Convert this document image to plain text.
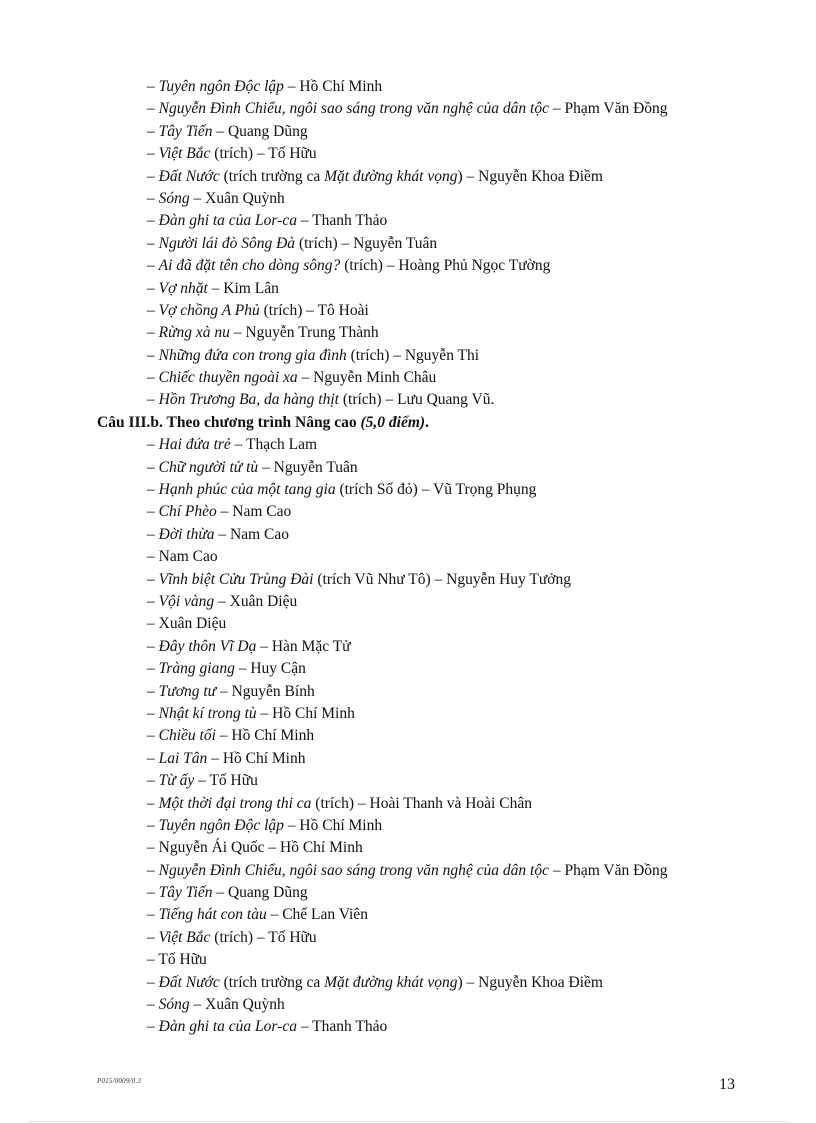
– Tuyên ngôn Độc lập – Hồ Chí Minh
– Nguyễn Đình Chiểu, ngôi sao sáng trong văn nghệ của dân tộc – Phạm Văn Đồng
– Tây Tiến – Quang Dũng
– Việt Bắc (trích) – Tố Hữu
– Đất Nước (trích trường ca Mặt đường khát vọng) – Nguyễn Khoa Điềm
– Sóng – Xuân Quỳnh
– Đàn ghi ta của Lor-ca – Thanh Thảo
– Người lái đò Sông Đà (trích) – Nguyễn Tuân
– Ai đã đặt tên cho dòng sông? (trích) – Hoàng Phủ Ngọc Tường
– Vợ nhặt – Kim Lân
– Vợ chồng A Phủ (trích) – Tô Hoài
– Rừng xà nu – Nguyễn Trung Thành
– Những đứa con trong gia đình (trích) – Nguyễn Thi
– Chiếc thuyền ngoài xa – Nguyễn Minh Châu
– Hồn Trương Ba, da hàng thịt (trích) – Lưu Quang Vũ.
Câu III.b. Theo chương trình Nâng cao (5,0 điểm).
– Hai đứa trẻ – Thạch Lam
– Chữ người tử tù – Nguyễn Tuân
– Hạnh phúc của một tang gia (trích Số đỏ) – Vũ Trọng Phụng
– Chí Phèo – Nam Cao
– Đời thừa – Nam Cao
– Nam Cao
– Vĩnh biệt Cửu Trùng Đài (trích Vũ Như Tô) – Nguyễn Huy Tưởng
– Vội vàng – Xuân Diệu
– Xuân Diệu
– Đây thôn Vĩ Dạ – Hàn Mặc Tử
– Tràng giang – Huy Cận
– Tương tư – Nguyễn Bính
– Nhật kí trong tù – Hồ Chí Minh
– Chiều tối – Hồ Chí Minh
– Lai Tân – Hồ Chí Minh
– Từ ấy – Tố Hữu
– Một thời đại trong thi ca (trích) – Hoài Thanh và Hoài Chân
– Tuyên ngôn Độc lập – Hồ Chí Minh
– Nguyễn Ái Quốc – Hồ Chí Minh
– Nguyễn Đình Chiểu, ngôi sao sáng trong văn nghệ của dân tộc – Phạm Văn Đồng
– Tây Tiến – Quang Dũng
– Tiếng hát con tàu – Chế Lan Viên
– Việt Bắc (trích) – Tố Hữu
– Tố Hữu
– Đất Nước (trích trường ca Mặt đường khát vọng) – Nguyễn Khoa Điềm
– Sóng – Xuân Quỳnh
– Đàn ghi ta của Lor-ca – Thanh Thảo
P015/0009/0.3	13
